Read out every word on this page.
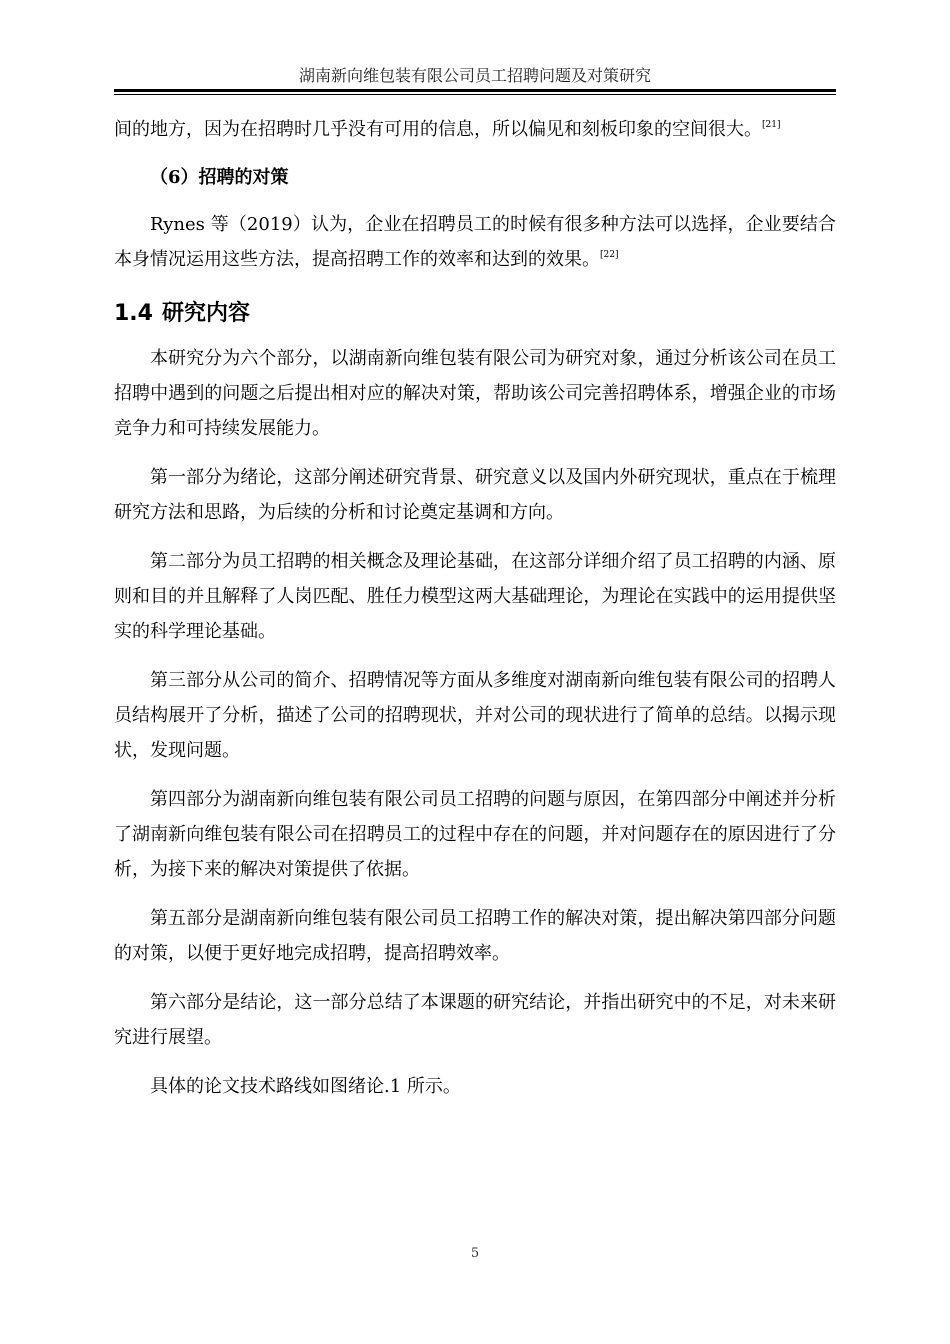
湖南新向维包装有限公司员工招聘问题及对策研究

间的地方，因为在招聘时几乎没有可用的信息，所以偏见和刻板印象的空间很大。[21]

（6）招聘的对策

Rynes 等（2019）认为，企业在招聘员工的时候有很多种方法可以选择，企业要结合本身情况运用这些方法，提高招聘工作的效率和达到的效果。[22]

1.4 研究内容

本研究分为六个部分，以湖南新向维包装有限公司为研究对象，通过分析该公司在员工招聘中遇到的问题之后提出相对应的解决对策，帮助该公司完善招聘体系，增强企业的市场竞争力和可持续发展能力。

第一部分为绪论，这部分阐述研究背景、研究意义以及国内外研究现状，重点在于梳理研究方法和思路，为后续的分析和讨论奠定基调和方向。

第二部分为员工招聘的相关概念及理论基础，在这部分详细介绍了员工招聘的内涵、原则和目的并且解释了人岗匹配、胜任力模型这两大基础理论，为理论在实践中的运用提供坚实的科学理论基础。

第三部分从公司的简介、招聘情况等方面从多维度对湖南新向维包装有限公司的招聘人员结构展开了分析，描述了公司的招聘现状，并对公司的现状进行了简单的总结。以揭示现状，发现问题。

第四部分为湖南新向维包装有限公司员工招聘的问题与原因，在第四部分中阐述并分析了湖南新向维包装有限公司在招聘员工的过程中存在的问题，并对问题存在的原因进行了分析，为接下来的解决对策提供了依据。

第五部分是湖南新向维包装有限公司员工招聘工作的解决对策，提出解决第四部分问题的对策，以便于更好地完成招聘，提高招聘效率。

第六部分是结论，这一部分总结了本课题的研究结论，并指出研究中的不足，对未来研究进行展望。

具体的论文技术路线如图绪论.1 所示。

5
